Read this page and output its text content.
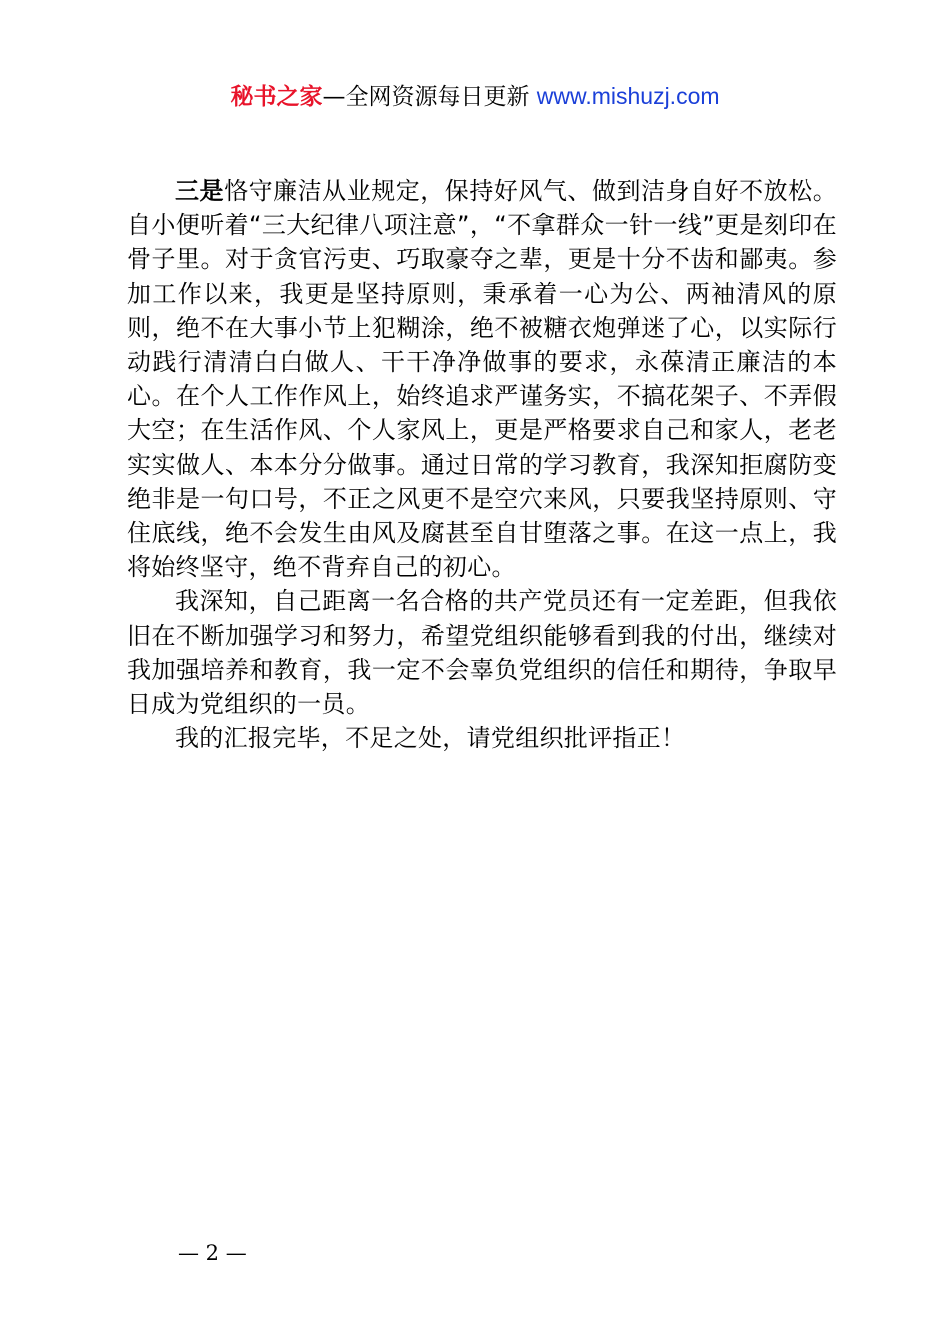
秘书之家—全网资源每日更新 www.mishuzj.com

三是恪守廉洁从业规定，保持好风气、做到洁身自好不放松。自小便听着“三大纪律八项注意”，“不拿群众一针一线”更是刻印在骨子里。对于贪官污吏、巧取豪夺之辈，更是十分不齿和鄙夷。参加工作以来，我更是坚持原则，秉承着一心为公、两袖清风的原则，绝不在大事小节上犯糊涂，绝不被糖衣炮弹迷了心，以实际行动践行清清白白做人、干干净净做事的要求，永葆清正廉洁的本心。在个人工作作风上，始终追求严谨务实，不搞花架子、不弄假大空；在生活作风、个人家风上，更是严格要求自己和家人，老老实实做人、本本分分做事。通过日常的学习教育，我深知拒腐防变绝非是一句口号，不正之风更不是空穴来风，只要我坚持原则、守住底线，绝不会发生由风及腐甚至自甘堕落之事。在这一点上，我将始终坚守，绝不背弃自己的初心。

我深知，自己距离一名合格的共产党员还有一定差距，但我依旧在不断加强学习和努力，希望党组织能够看到我的付出，继续对我加强培养和教育，我一定不会辜负党组织的信任和期待，争取早日成为党组织的一员。

我的汇报完毕，不足之处，请党组织批评指正！

— 2 —
